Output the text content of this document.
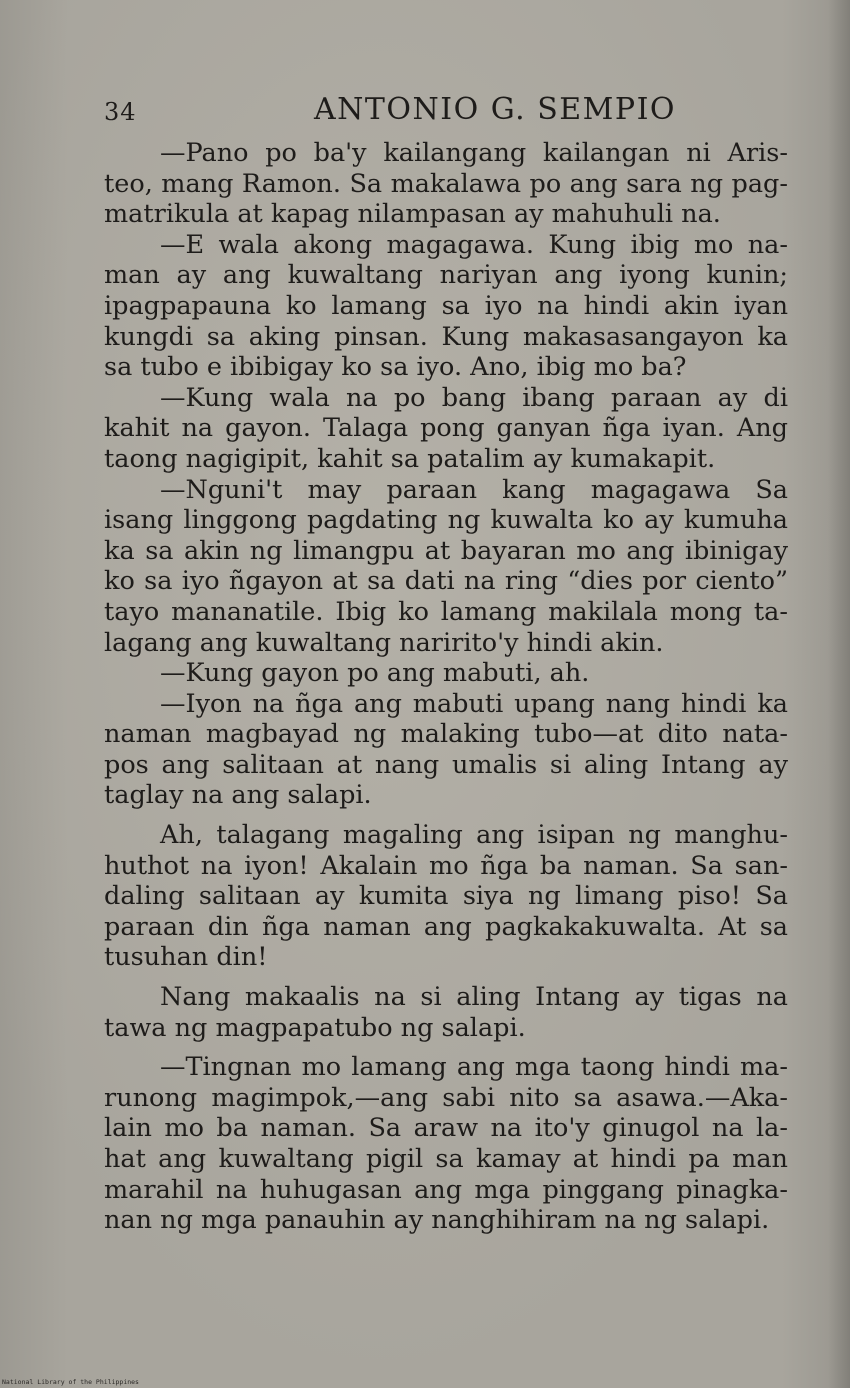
34	ANTONIO G. SEMPIO
—Pano po ba'y kailangang kailangan ni Aris-
teo, mang Ramon. Sa makalawa po ang sara ng pag-
matrikula at kapag nilampasan ay mahuhuli na.
—E wala akong magagawa. Kung ibig mo na-
man ay ang kuwaltang nariyan ang iyong kunin;
ipagpapauna ko lamang sa iyo na hindi akin iyan
kungdi sa aking pinsan. Kung makasasangayon ka
sa tubo e ibibigay ko sa iyo. Ano, ibig mo ba?
—Kung wala na po bang ibang paraan ay di
kahit na gayon. Talaga pong ganyan ñga iyan. Ang
taong nagigipit, kahit sa patalim ay kumakapit.
—Nguni't may paraan kang magagawa Sa
isang linggong pagdating ng kuwalta ko ay kumuha
ka sa akin ng limangpu at bayaran mo ang ibinigay
ko sa iyo ñgayon at sa dati na ring “dies por ciento”
tayo mananatile. Ibig ko lamang makilala mong ta-
lagang ang kuwaltang naririto'y hindi akin.
—Kung gayon po ang mabuti, ah.
—Iyon na ñga ang mabuti upang nang hindi ka
naman magbayad ng malaking tubo—at dito nata-
pos ang salitaan at nang umalis si aling Intang ay
taglay na ang salapi.
Ah, talagang magaling ang isipan ng manghu-
huthot na iyon! Akalain mo ñga ba naman. Sa san-
daling salitaan ay kumita siya ng limang piso! Sa
paraan din ñga naman ang pagkakakuwalta. At sa
tusuhan din!
Nang makaalis na si aling Intang ay tigas na
tawa ng magpapatubo ng salapi.
—Tingnan mo lamang ang mga taong hindi ma-
runong magimpok,—ang sabi nito sa asawa.—Aka-
lain mo ba naman. Sa araw na ito'y ginugol na la-
hat ang kuwaltang pigil sa kamay at hindi pa man
marahil na huhugasan ang mga pinggang pinagka-
nan ng mga panauhin ay nanghihiram na ng salapi.
National Library of the Philippines
